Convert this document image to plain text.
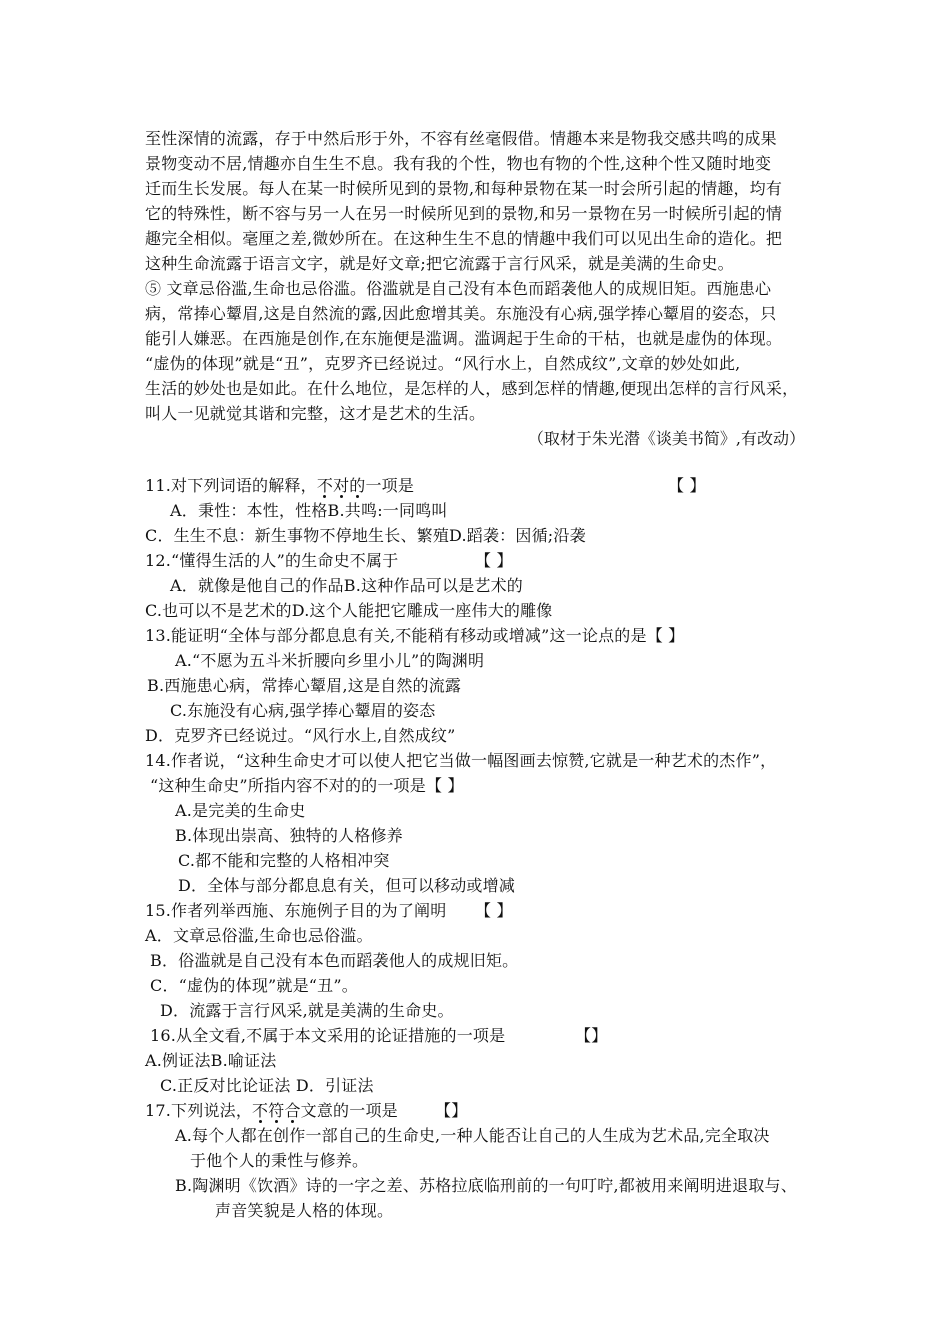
至性深情的流露，存于中然后形于外，不容有丝毫假借。情趣本来是物我交感共鸣的成果
景物变动不居,情趣亦自生生不息。我有我的个性，物也有物的个性,这种个性又随时地变
迁而生长发展。每人在某一时候所见到的景物,和每种景物在某一时会所引起的情趣，均有
它的特殊性，断不容与另一人在另一时候所见到的景物,和另一景物在另一时候所引起的情
趣完全相似。毫厘之差,微妙所在。在这种生生不息的情趣中我们可以见出生命的造化。把
这种生命流露于语言文字，就是好文章;把它流露于言行风采，就是美满的生命史。
⑤ 文章忌俗滥,生命也忌俗滥。俗滥就是自己没有本色而蹈袭他人的成规旧矩。西施患心
病，常捧心颦眉,这是自然流的露,因此愈增其美。东施没有心病,强学捧心颦眉的姿态，只
能引人嫌恶。在西施是创作,在东施便是滥调。滥调起于生命的干枯，也就是虚伪的体现。
“虚伪的体现”就是“丑”，克罗齐已经说过。“风行水上，自然成纹”,文章的妙处如此,
生活的妙处也是如此。在什么地位，是怎样的人，感到怎样的情趣,便现出怎样的言行风采，
叫人一见就觉其谐和完整，这才是艺术的生活。
（取材于朱光潜《谈美书简》,有改动）
11.对下列词语的解释，不对的一项是	【 】
A．秉性：本性，性格B.共鸣:一同鸣叫
C．生生不息：新生事物不停地生长、繁殖D.蹈袭：因循;沿袭
12.“懂得生活的人”的生命史不属于	【 】
A．就像是他自己的作品B.这种作品可以是艺术的
C.也可以不是艺术的D.这个人能把它雕成一座伟大的雕像
13.能证明“全体与部分都息息有关,不能稍有移动或增减”这一论点的是【 】
A.“不愿为五斗米折腰向乡里小儿”的陶渊明
B.西施患心病，常捧心颦眉,这是自然的流露
C.东施没有心病,强学捧心颦眉的姿态
D．克罗齐已经说过。“风行水上,自然成纹”
14.作者说，“这种生命史才可以使人把它当做一幅图画去惊赞,它就是一种艺术的杰作”，
“这种生命史”所指内容不对的的一项是【 】
A.是完美的生命史
B.体现出崇高、独特的人格修养
C.都不能和完整的人格相冲突
D．全体与部分都息息有关，但可以移动或增减
15.作者列举西施、东施例子目的为了阐明 【 】
A．文章忌俗滥,生命也忌俗滥。
B．俗滥就是自己没有本色而蹈袭他人的成规旧矩。
C．“虚伪的体现”就是“丑”。
D．流露于言行风采,就是美满的生命史。
16.从全文看,不属于本文采用的论证措施的一项是	【】
A.例证法B.喻证法
C.正反对比论证法 D．引证法
17.下列说法，不符合文意的一项是 【】
A.每个人都在创作一部自己的生命史,一种人能否让自己的人生成为艺术品,完全取决
于他个人的秉性与修养。
B.陶渊明《饮酒》诗的一字之差、苏格拉底临刑前的一句叮咛,都被用来阐明进退取与、
声音笑貌是人格的体现。
